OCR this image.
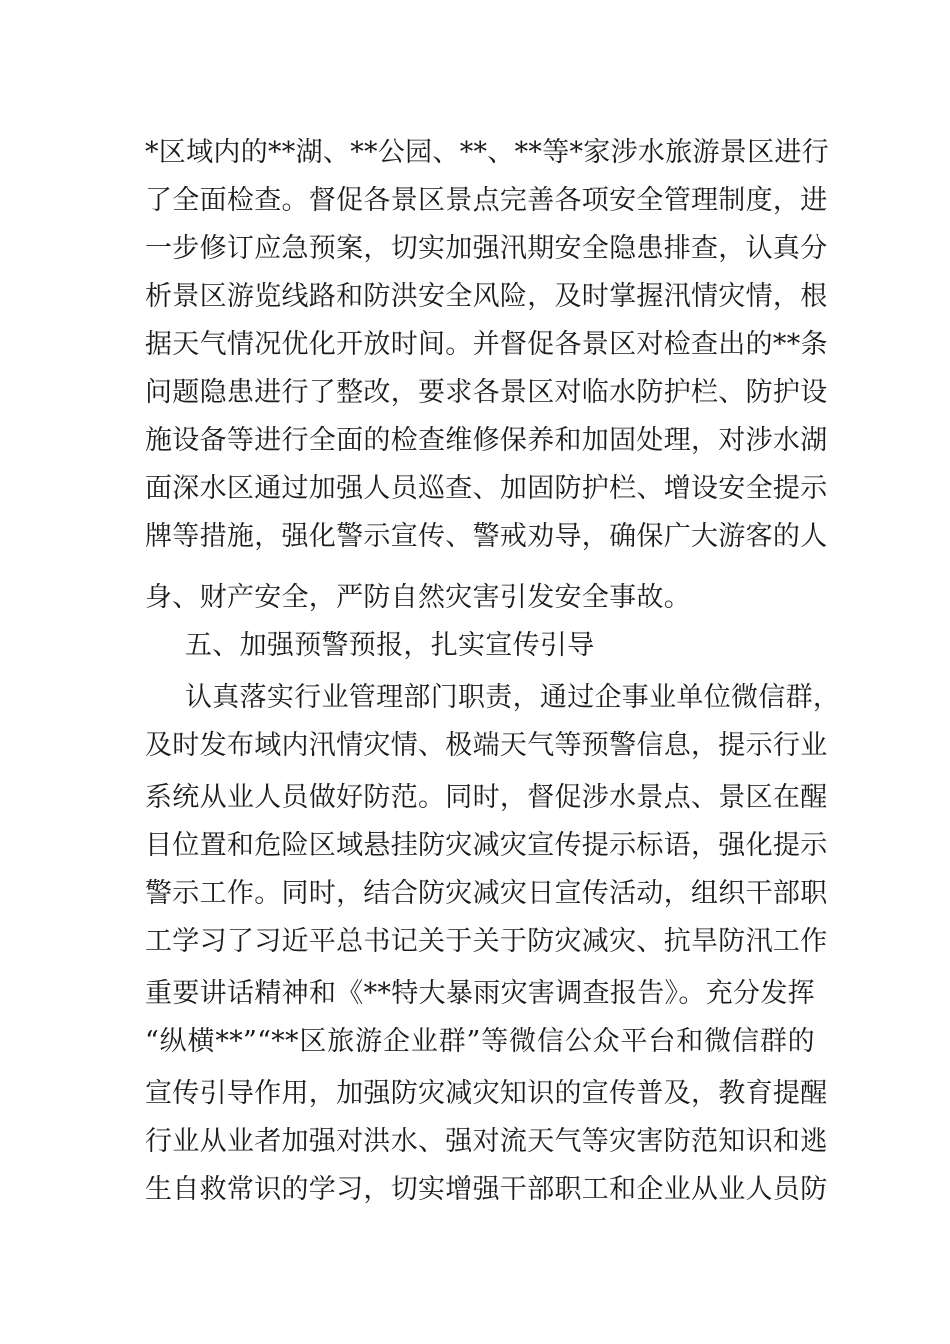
*区域内的**湖、**公园、**、**等*家涉水旅游景区进行
了全面检查。督促各景区景点完善各项安全管理制度，进
一步修订应急预案，切实加强汛期安全隐患排查，认真分
析景区游览线路和防洪安全风险，及时掌握汛情灾情，根
据天气情况优化开放时间。并督促各景区对检查出的**条
问题隐患进行了整改，要求各景区对临水防护栏、防护设
施设备等进行全面的检查维修保养和加固处理，对涉水湖
面深水区通过加强人员巡查、加固防护栏、增设安全提示
牌等措施，强化警示宣传、警戒劝导，确保广大游客的人
身、财产安全，严防自然灾害引发安全事故。
五、加强预警预报，扎实宣传引导
认真落实行业管理部门职责，通过企事业单位微信群，
及时发布域内汛情灾情、极端天气等预警信息，提示行业
系统从业人员做好防范。同时，督促涉水景点、景区在醒
目位置和危险区域悬挂防灾减灾宣传提示标语，强化提示
警示工作。同时，结合防灾减灾日宣传活动，组织干部职
工学习了习近平总书记关于关于防灾减灾、抗旱防汛工作
重要讲话精神和《**特大暴雨灾害调查报告》。充分发挥
“纵横**”“**区旅游企业群”等微信公众平台和微信群的
宣传引导作用，加强防灾减灾知识的宣传普及，教育提醒
行业从业者加强对洪水、强对流天气等灾害防范知识和逃
生自救常识的学习，切实增强干部职工和企业从业人员防
